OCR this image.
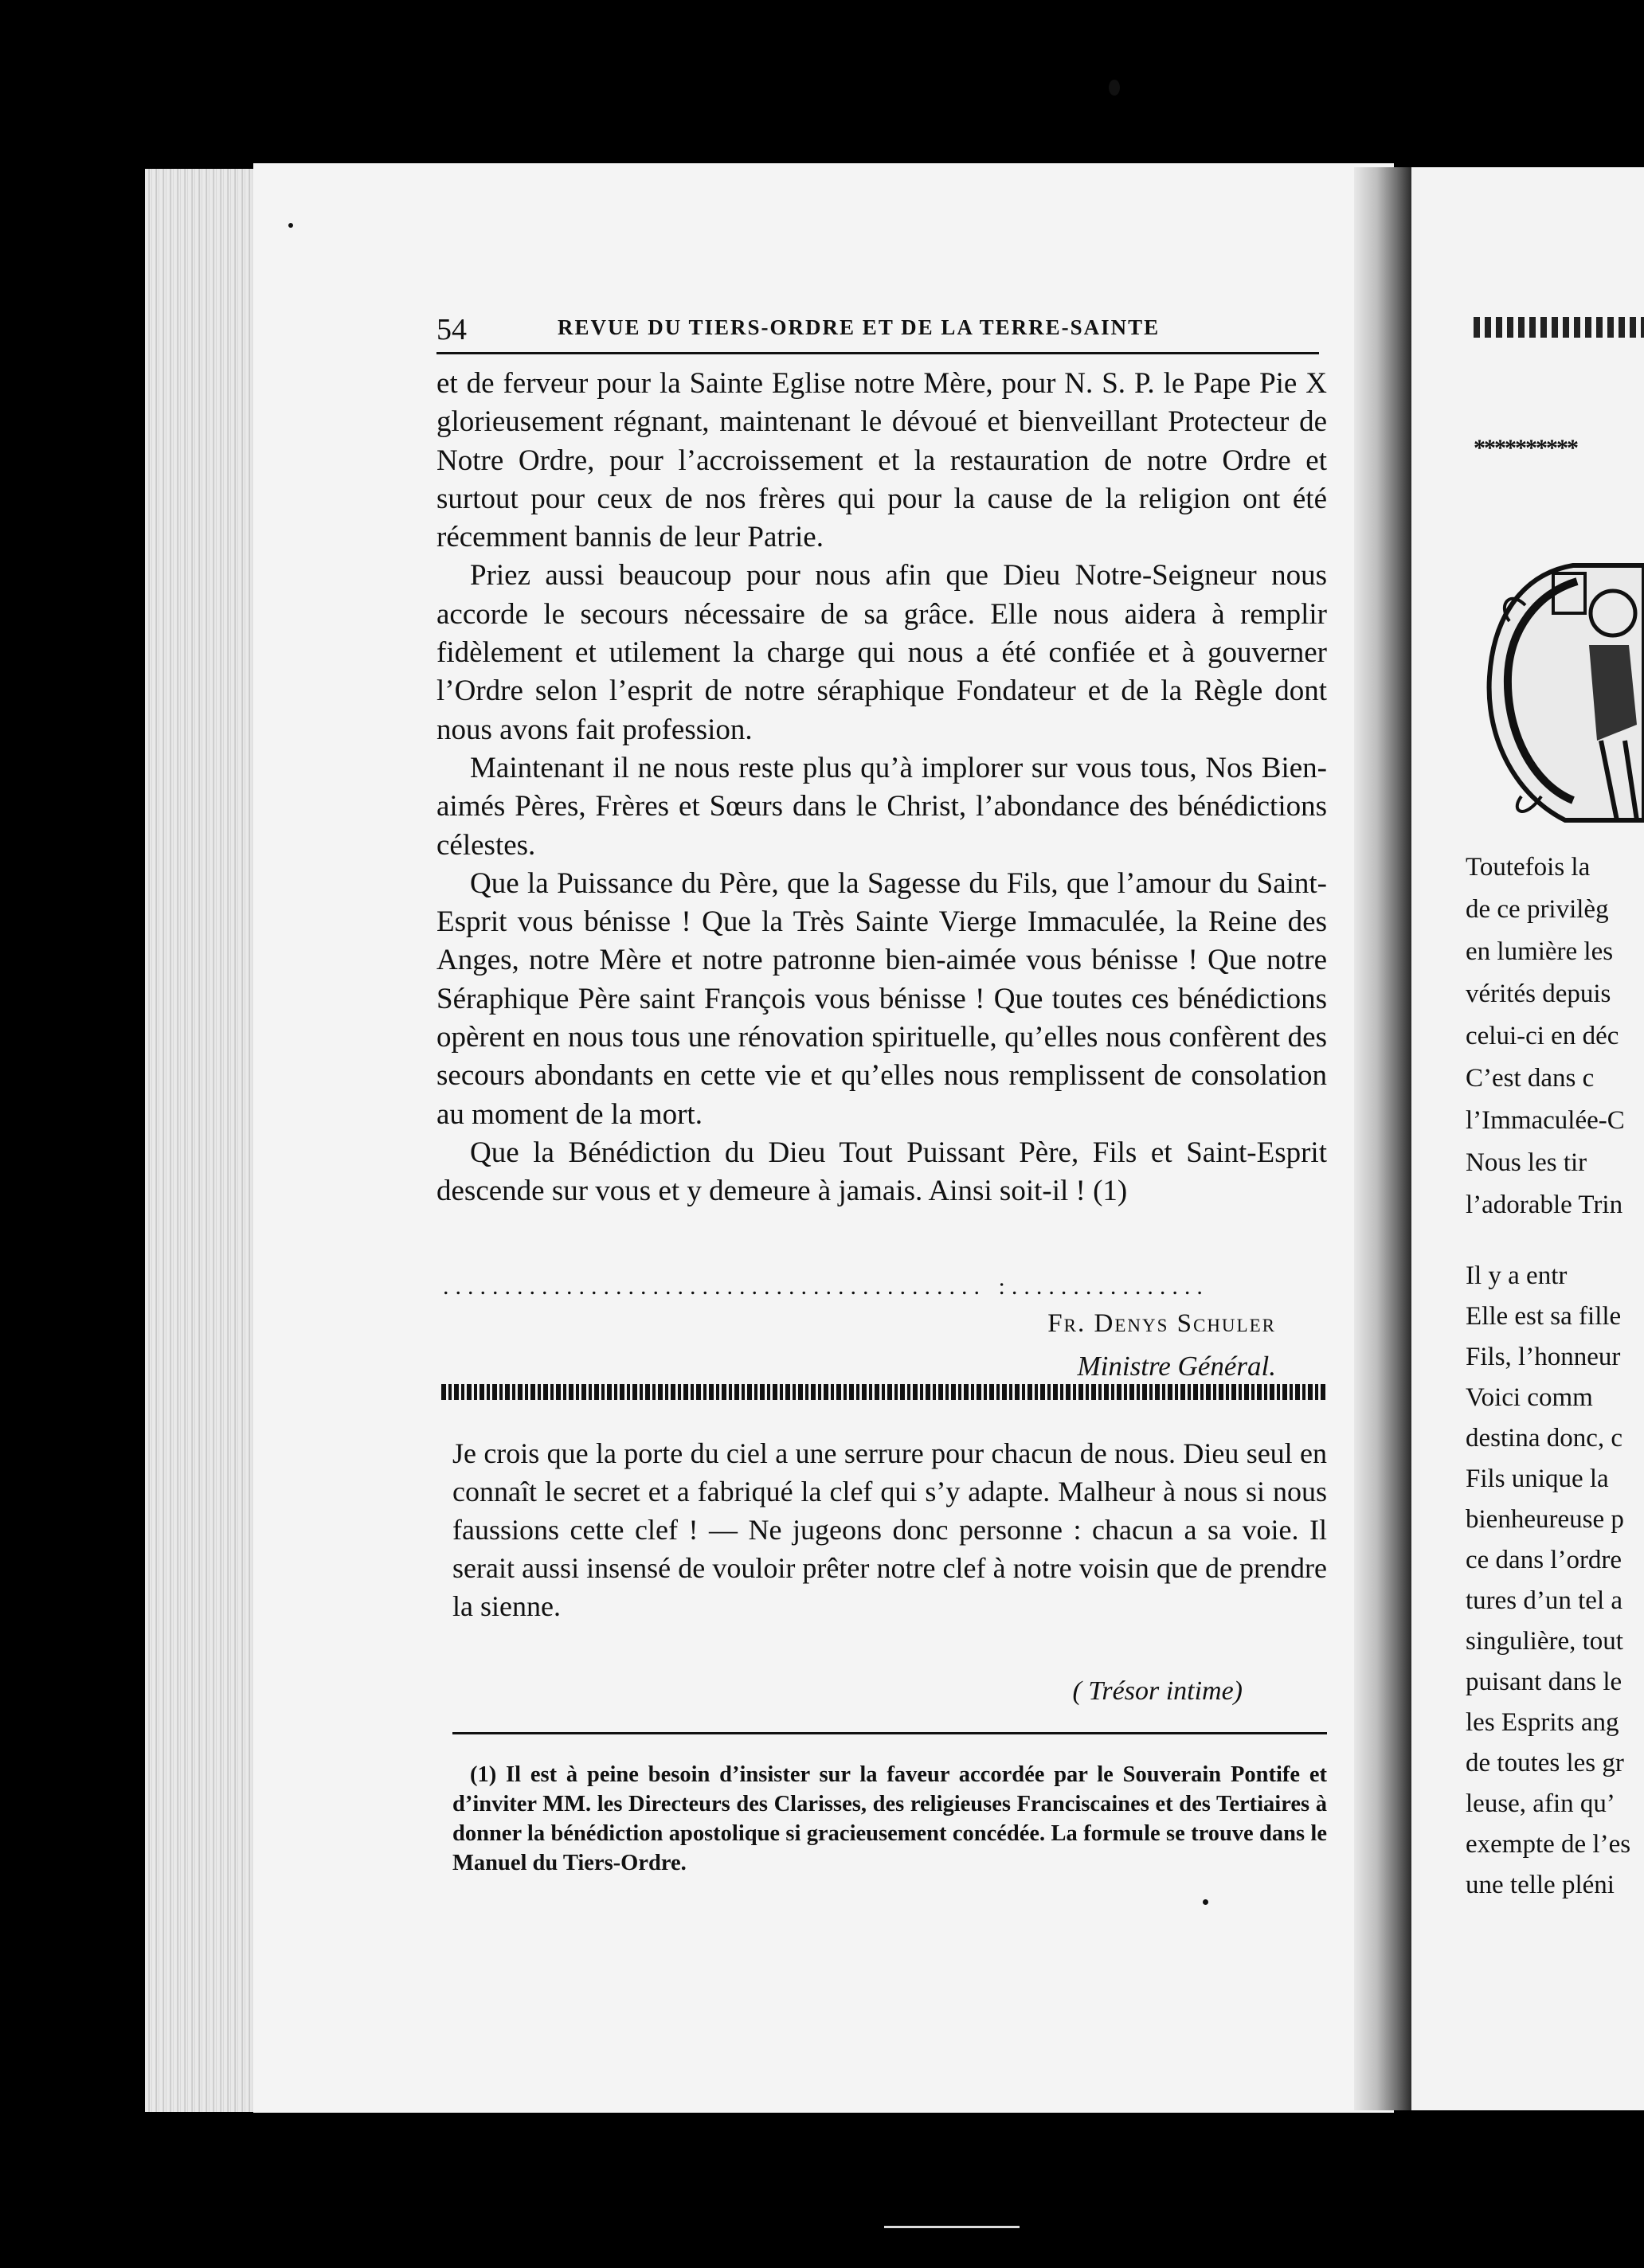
54	REVUE DU TIERS-ORDRE ET DE LA TERRE-SAINTE

et de ferveur pour la Sainte Eglise notre Mère, pour N. S. P. le Pape Pie X glorieusement régnant, maintenant le dévoué et bienveillant Protecteur de Notre Ordre, pour l’accroissement et la restauration de notre Ordre et surtout pour ceux de nos frères qui pour la cause de la religion ont été récemment bannis de leur Patrie.

Priez aussi beaucoup pour nous afin que Dieu Notre-Seigneur nous accorde le secours nécessaire de sa grâce. Elle nous aidera à remplir fidèlement et utilement la charge qui nous a été confiée et à gouverner l’Ordre selon l’esprit de notre séraphique Fondateur et de la Règle dont nous avons fait profession.

Maintenant il ne nous reste plus qu’à implorer sur vous tous, Nos Bien-aimés Pères, Frères et Sœurs dans le Christ, l’abondance des bénédictions célestes.

Que la Puissance du Père, que la Sagesse du Fils, que l’amour du Saint-Esprit vous bénisse ! Que la Très Sainte Vierge Immaculée, la Reine des Anges, notre Mère et notre patronne bien-aimée vous bénisse ! Que notre Séraphique Père saint François vous bénisse ! Que toutes ces bénédictions opèrent en nous tous une rénovation spirituelle, qu’elles nous confèrent des secours abondants en cette vie et qu’elles nous remplissent de consolation au moment de la mort.

Que la Bénédiction du Dieu Tout Puissant Père, Fils et Saint-Esprit descende sur vous et y demeure à jamais. Ainsi soit-il ! (1)

............................................ :................
Fr. Denys Schuler
Ministre Général.

Je crois que la porte du ciel a une serrure pour chacun de nous. Dieu seul en connaît le secret et a fabriqué la clef qui s’y adapte. Malheur à nous si nous faussions cette clef ! — Ne jugeons donc personne : chacun a sa voie. Il serait aussi insensé de vouloir prêter notre clef à notre voisin que de prendre la sienne.

( Trésor intime)

(1) Il est à peine besoin d’insister sur la faveur accordée par le Souverain Pontife et d’inviter MM. les Directeurs des Clarisses, des religieuses Franciscaines et des Tertiaires à donner la bénédiction apostolique si gracieusement concédée. La formule se trouve dans le Manuel du Tiers-Ordre.

**********
Toutefois la
de ce privilèg
en lumière les
vérités depuis
celui-ci en déc
C’est dans c
l’Immaculée-C
Nous les tir
l’adorable Trin
Il y a entr
Elle est sa fille
Fils, l’honneur
Voici comm
destina donc, c
Fils unique la
bienheureuse p
ce dans l’ordre
tures d’un tel a
singulière, tout
puisant dans le
les Esprits ang
de toutes les gr
leuse, afin qu’
exempte de l’es
une telle pléni
